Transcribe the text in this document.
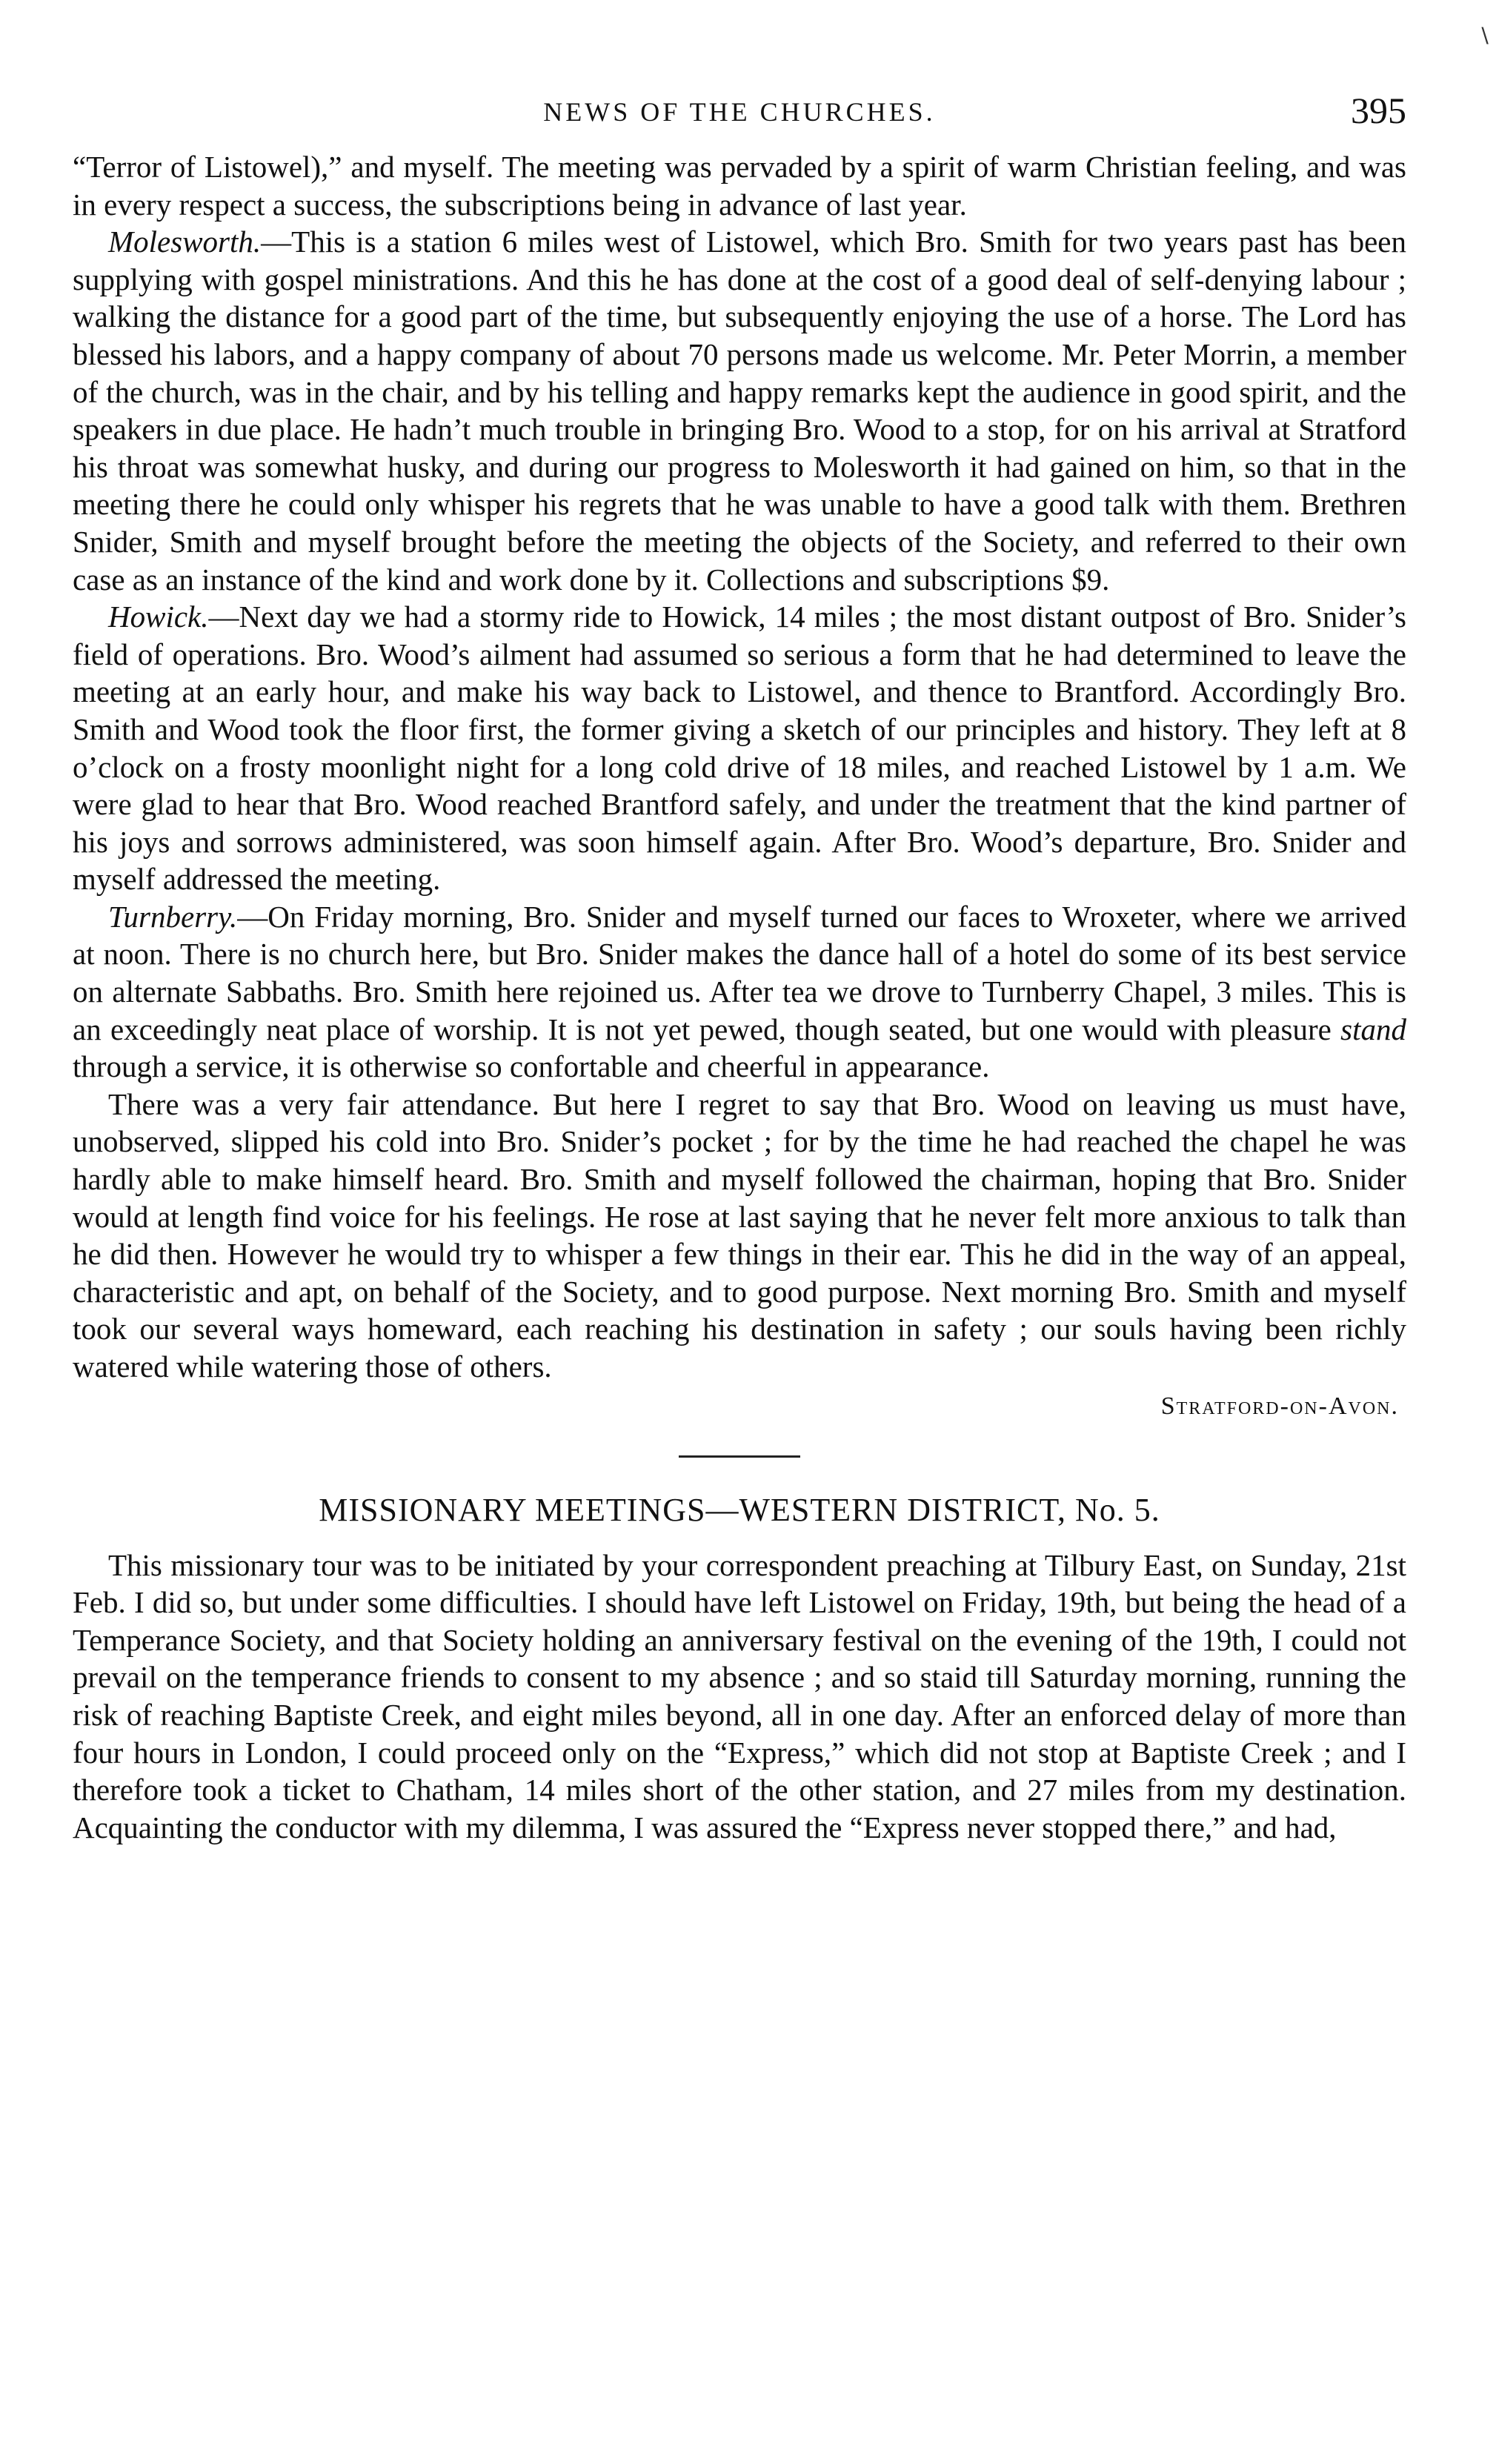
∖
NEWS OF THE CHURCHES.	395

“Terror of Listowel),” and myself. The meeting was pervaded by a spirit of warm Christian feeling, and was in every respect a success, the subscriptions being in advance of last year.

Molesworth.—This is a station 6 miles west of Listowel, which Bro. Smith for two years past has been supplying with gospel ministrations. And this he has done at the cost of a good deal of self-denying labour ; walking the distance for a good part of the time, but subsequently enjoying the use of a horse. The Lord has blessed his labors, and a happy company of about 70 persons made us welcome. Mr. Peter Morrin, a member of the church, was in the chair, and by his telling and happy remarks kept the audience in good spirit, and the speakers in due place. He hadn’t much trouble in bringing Bro. Wood to a stop, for on his arrival at Stratford his throat was somewhat husky, and during our progress to Molesworth it had gained on him, so that in the meeting there he could only whisper his regrets that he was unable to have a good talk with them. Brethren Snider, Smith and myself brought before the meeting the objects of the Society, and referred to their own case as an instance of the kind and work done by it. Collections and subscriptions $9.

Howick.—Next day we had a stormy ride to Howick, 14 miles ; the most distant outpost of Bro. Snider’s field of operations. Bro. Wood’s ailment had assumed so serious a form that he had determined to leave the meeting at an early hour, and make his way back to Listowel, and thence to Brantford. Accordingly Bro. Smith and Wood took the floor first, the former giving a sketch of our principles and history. They left at 8 o’clock on a frosty moonlight night for a long cold drive of 18 miles, and reached Listowel by 1 a.m. We were glad to hear that Bro. Wood reached Brantford safely, and under the treatment that the kind partner of his joys and sorrows administered, was soon himself again. After Bro. Wood’s departure, Bro. Snider and myself addressed the meeting.

Turnberry.—On Friday morning, Bro. Snider and myself turned our faces to Wroxeter, where we arrived at noon. There is no church here, but Bro. Snider makes the dance hall of a hotel do some of its best service on alternate Sabbaths. Bro. Smith here rejoined us. After tea we drove to Turnberry Chapel, 3 miles. This is an exceedingly neat place of worship. It is not yet pewed, though seated, but one would with pleasure stand through a service, it is otherwise so confortable and cheerful in appearance.

There was a very fair attendance. But here I regret to say that Bro. Wood on leaving us must have, unobserved, slipped his cold into Bro. Snider’s pocket ; for by the time he had reached the chapel he was hardly able to make himself heard. Bro. Smith and myself followed the chairman, hoping that Bro. Snider would at length find voice for his feelings. He rose at last saying that he never felt more anxious to talk than he did then. However he would try to whisper a few things in their ear. This he did in the way of an appeal, characteristic and apt, on behalf of the Society, and to good purpose. Next morning Bro. Smith and myself took our several ways homeward, each reaching his destination in safety ; our souls having been richly watered while watering those of others.

Stratford-on-Avon.
MISSIONARY MEETINGS—WESTERN DISTRICT, No. 5.

This missionary tour was to be initiated by your correspondent preaching at Tilbury East, on Sunday, 21st Feb. I did so, but under some difficulties. I should have left Listowel on Friday, 19th, but being the head of a Temperance Society, and that Society holding an anniversary festival on the evening of the 19th, I could not prevail on the temperance friends to consent to my absence ; and so staid till Saturday morning, running the risk of reaching Baptiste Creek, and eight miles beyond, all in one day. After an enforced delay of more than four hours in London, I could proceed only on the “Express,” which did not stop at Baptiste Creek ; and I therefore took a ticket to Chatham, 14 miles short of the other station, and 27 miles from my destination. Acquainting the conductor with my dilemma, I was assured the “Express never stopped there,” and had,
